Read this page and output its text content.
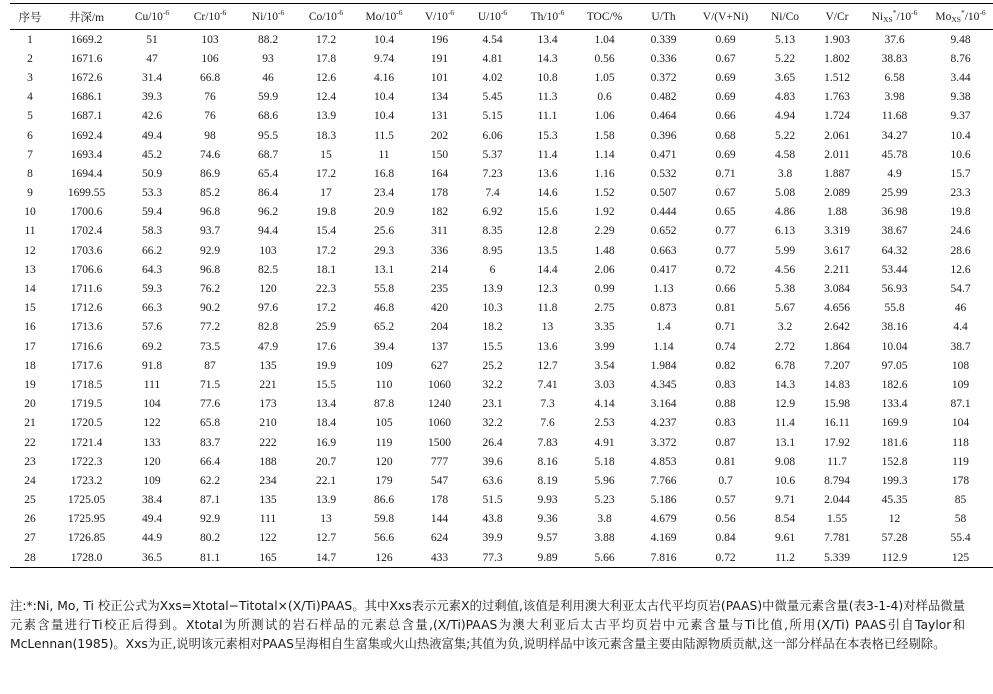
序号	井深/m	$Cu/10^{-6}$	$Cr/10^{-6}$	$Ni/10^{-6}$	$Co/10^{-6}$	$Mo/10^{-6}$	$V/10^{-6}$	$U/10^{-6}$	$Th/10^{-6}$	TOC/%	U/Th	V/(V+Ni)	Ni/Co	V/Cr	$Ni_{XS}^*/10^{-6}$	$Mo_{XS}^*/10^{-6}$
1	1669.2	51	103	88.2	17.2	10.4	196	4.54	13.4	1.04	0.339	0.69	5.13	1.903	37.6	9.48
2	1671.6	47	106	93	17.8	9.74	191	4.81	14.3	0.56	0.336	0.67	5.22	1.802	38.83	8.76
3	1672.6	31.4	66.8	46	12.6	4.16	101	4.02	10.8	1.05	0.372	0.69	3.65	1.512	6.58	3.44
4	1686.1	39.3	76	59.9	12.4	10.4	134	5.45	11.3	0.6	0.482	0.69	4.83	1.763	3.98	9.38
5	1687.1	42.6	76	68.6	13.9	10.4	131	5.15	11.1	1.06	0.464	0.66	4.94	1.724	11.68	9.37
6	1692.4	49.4	98	95.5	18.3	11.5	202	6.06	15.3	1.58	0.396	0.68	5.22	2.061	34.27	10.4
7	1693.4	45.2	74.6	68.7	15	11	150	5.37	11.4	1.14	0.471	0.69	4.58	2.011	45.78	10.6
8	1694.4	50.9	86.9	65.4	17.2	16.8	164	7.23	13.6	1.16	0.532	0.71	3.8	1.887	4.9	15.7
9	1699.55	53.3	85.2	86.4	17	23.4	178	7.4	14.6	1.52	0.507	0.67	5.08	2.089	25.99	23.3
10	1700.6	59.4	96.8	96.2	19.8	20.9	182	6.92	15.6	1.92	0.444	0.65	4.86	1.88	36.98	19.8
11	1702.4	58.3	93.7	94.4	15.4	25.6	311	8.35	12.8	2.29	0.652	0.77	6.13	3.319	38.67	24.6
12	1703.6	66.2	92.9	103	17.2	29.3	336	8.95	13.5	1.48	0.663	0.77	5.99	3.617	64.32	28.6
13	1706.6	64.3	96.8	82.5	18.1	13.1	214	6	14.4	2.06	0.417	0.72	4.56	2.211	53.44	12.6
14	1711.6	59.3	76.2	120	22.3	55.8	235	13.9	12.3	0.99	1.13	0.66	5.38	3.084	56.93	54.7
15	1712.6	66.3	90.2	97.6	17.2	46.8	420	10.3	11.8	2.75	0.873	0.81	5.67	4.656	55.8	46
16	1713.6	57.6	77.2	82.8	25.9	65.2	204	18.2	13	3.35	1.4	0.71	3.2	2.642	38.16	4.4
17	1716.6	69.2	73.5	47.9	17.6	39.4	137	15.5	13.6	3.99	1.14	0.74	2.72	1.864	10.04	38.7
18	1717.6	91.8	87	135	19.9	109	627	25.2	12.7	3.54	1.984	0.82	6.78	7.207	97.05	108
19	1718.5	111	71.5	221	15.5	110	1060	32.2	7.41	3.03	4.345	0.83	14.3	14.83	182.6	109
20	1719.5	104	77.6	173	13.4	87.8	1240	23.1	7.3	4.14	3.164	0.88	12.9	15.98	133.4	87.1
21	1720.5	122	65.8	210	18.4	105	1060	32.2	7.6	2.53	4.237	0.83	11.4	16.11	169.9	104
22	1721.4	133	83.7	222	16.9	119	1500	26.4	7.83	4.91	3.372	0.87	13.1	17.92	181.6	118
23	1722.3	120	66.4	188	20.7	120	777	39.6	8.16	5.18	4.853	0.81	9.08	11.7	152.8	119
24	1723.2	109	62.2	234	22.1	179	547	63.6	8.19	5.96	7.766	0.7	10.6	8.794	199.3	178
25	1725.05	38.4	87.1	135	13.9	86.6	178	51.5	9.93	5.23	5.186	0.57	9.71	2.044	45.35	85
26	1725.95	49.4	92.9	111	13	59.8	144	43.8	9.36	3.8	4.679	0.56	8.54	1.55	12	58
27	1726.85	44.9	80.2	122	12.7	56.6	624	39.9	9.57	3.88	4.169	0.84	9.61	7.781	57.28	55.4
28	1728.0	36.5	81.1	165	14.7	126	433	77.3	9.89	5.66	7.816	0.72	11.2	5.339	112.9	125
注:*:Ni, Mo, Ti 校正公式为Xxs=Xtotal−Titotal×(X/Ti)PAAS。其中Xxs表示元素X的过剩值,该值是利用澳大利亚太古代平均页岩(PAAS)中微量元素含量(表3-1-4)对样品微量元素含量进行Ti校正后得到。Xtotal为所测试的岩石样品的元素总含量,(X/Ti)PAAS为澳大利亚后太古平均页岩中元素含量与Ti比值,所用(X/Ti) PAAS引自Taylor和McLennan(1985)。Xxs为正,说明该元素相对PAAS呈海相自生富集或火山热液富集;其值为负,说明样品中该元素含量主要由陆源物质贡献,这一部分样品在本表格已经剔除。
